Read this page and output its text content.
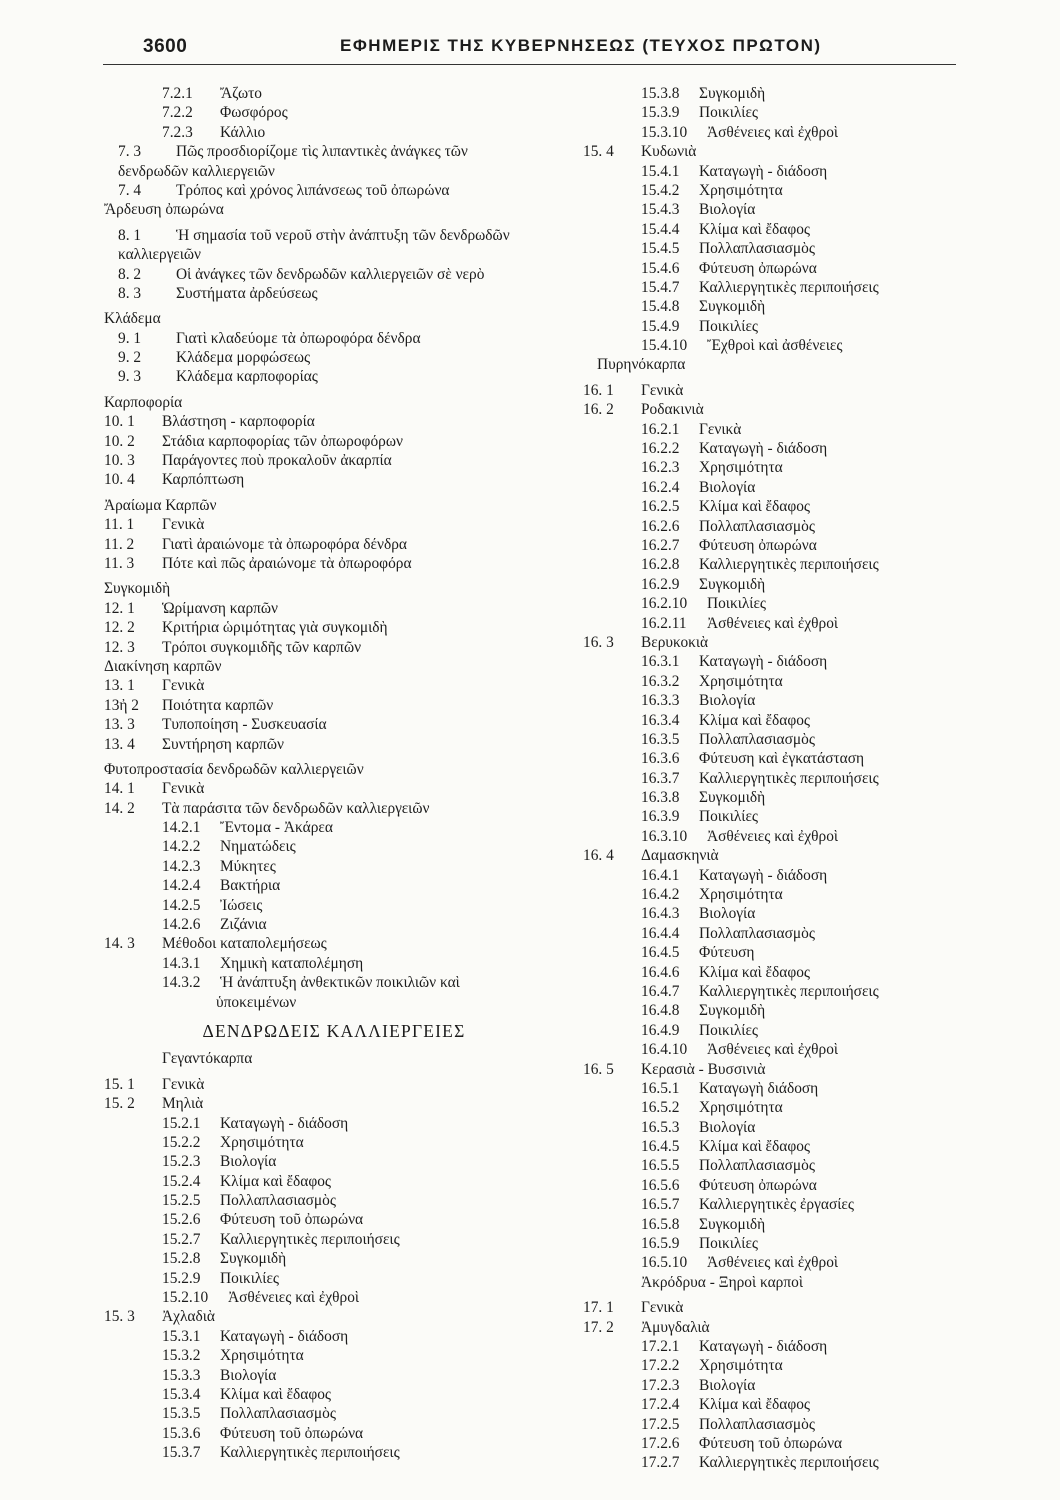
3600	ΕΦΗΜΕΡΙΣ ΤΗΣ ΚΥΒΕΡΝΗΣΕΩΣ (ΤΕΥΧΟΣ ΠΡΩΤΟΝ)
7.2.1 Ἄζωτο
7.2.2 Φωσφόρος
7.2.3 Κάλλιο
7. 3 Πῶς προσδιορίζομε τὶς λιπαντικὲς ἀνάγκες τῶν
δενδρωδῶν καλλιεργειῶν
7. 4 Τρόπος καὶ χρόνος λιπάνσεως τοῦ ὀπωρώνα
Ἄρδευση ὀπωρώνα
8. 1 Ἡ σημασία τοῦ νεροῦ στὴν ἀνάπτυξη τῶν δενδρωδῶν
καλλιεργειῶν
8. 2 Οἱ ἀνάγκες τῶν δενδρωδῶν καλλιεργειῶν σὲ νερὸ
8. 3 Συστήματα ἀρδεύσεως
Κλάδεμα
9. 1 Γιατὶ κλαδεύομε τὰ ὀπωροφόρα δένδρα
9. 2 Κλάδεμα μορφώσεως
9. 3 Κλάδεμα καρποφορίας
Καρποφορία
10. 1 Βλάστηση - καρποφορία
10. 2 Στάδια καρποφορίας τῶν ὀπωροφόρων
10. 3 Παράγοντες ποὺ προκαλοῦν ἀκαρπία
10. 4 Καρπόπτωση
Ἀραίωμα Καρπῶν
11. 1 Γενικὰ
11. 2 Γιατὶ ἀραιώνομε τὰ ὀπωροφόρα δένδρα
11. 3 Πότε καὶ πῶς ἀραιώνομε τὰ ὀπωροφόρα
Συγκομιδὴ
12. 1 Ὡρίμανση καρπῶν
12. 2 Κριτήρια ὡριμότητας γιὰ συγκομιδὴ
12. 3 Τρόποι συγκομιδῆς τῶν καρπῶν
Διακίνηση καρπῶν
13. 1 Γενικὰ
13ἠ 2 Ποιότητα καρπῶν
13. 3 Τυποποίηση - Συσκευασία
13. 4 Συντήρηση καρπῶν
Φυτοπροστασία δενδρωδῶν καλλιεργειῶν
14. 1 Γενικὰ
14. 2 Τὰ παράσιτα τῶν δενδρωδῶν καλλιεργειῶν
14.2.1 Ἔντομα - Ἀκάρεα
14.2.2 Νηματώδεις
14.2.3 Μύκητες
14.2.4 Βακτήρια
14.2.5 Ἰώσεις
14.2.6 Ζιζάνια
14. 3 Μέθοδοι καταπολεμήσεως
14.3.1 Χημικὴ καταπολέμηση
14.3.2 Ἡ ἀνάπτυξη ἀνθεκτικῶν ποικιλιῶν καὶ
ὑποκειμένων
ΔΕΝΔΡΩΔΕΙΣ ΚΑΛΛΙΕΡΓΕΙΕΣ
Γεγαντόκαρπα
15. 1 Γενικὰ
15. 2 Μηλιὰ
15.2.1 Καταγωγὴ - διάδοση
15.2.2 Χρησιμότητα
15.2.3 Βιολογία
15.2.4 Κλίμα καὶ ἔδαφος
15.2.5 Πολλαπλασιασμὸς
15.2.6 Φύτευση τοῦ ὀπωρώνα
15.2.7 Καλλιεργητικὲς περιποιήσεις
15.2.8 Συγκομιδὴ
15.2.9 Ποικιλίες
15.2.10 Ἀσθένειες καὶ ἐχθροὶ
15. 3 Ἀχλαδιὰ
15.3.1 Καταγωγὴ - διάδοση
15.3.2 Χρησιμότητα
15.3.3 Βιολογία
15.3.4 Κλίμα καὶ ἔδαφος
15.3.5 Πολλαπλασιασμὸς
15.3.6 Φύτευση τοῦ ὀπωρώνα
15.3.7 Καλλιεργητικὲς περιποιήσεις
15.3.8 Συγκομιδὴ
15.3.9 Ποικιλίες
15.3.10 Ἀσθένειες καὶ ἐχθροὶ
15. 4 Κυδωνιὰ
15.4.1 Καταγωγὴ - διάδοση
15.4.2 Χρησιμότητα
15.4.3 Βιολογία
15.4.4 Κλίμα καὶ ἔδαφος
15.4.5 Πολλαπλασιασμὸς
15.4.6 Φύτευση ὀπωρώνα
15.4.7 Καλλιεργητικὲς περιποιήσεις
15.4.8 Συγκομιδὴ
15.4.9 Ποικιλίες
15.4.10 Ἔχθροὶ καὶ ἀσθένειες
Πυρηνόκαρπα
16. 1 Γενικὰ
16. 2 Ροδακινιὰ
16.2.1 Γενικὰ
16.2.2 Καταγωγὴ - διάδοση
16.2.3 Χρησιμότητα
16.2.4 Βιολογία
16.2.5 Κλίμα καὶ ἔδαφος
16.2.6 Πολλαπλασιασμὸς
16.2.7 Φύτευση ὀπωρώνα
16.2.8 Καλλιεργητικὲς περιποιήσεις
16.2.9 Συγκομιδὴ
16.2.10 Ποικιλίες
16.2.11 Ἀσθένειες καὶ ἐχθροὶ
16. 3 Βερυκοκιὰ
16.3.1 Καταγωγὴ - διάδοση
16.3.2 Χρησιμότητα
16.3.3 Βιολογία
16.3.4 Κλίμα καὶ ἔδαφος
16.3.5 Πολλαπλασιασμὸς
16.3.6 Φύτευση καὶ ἐγκατάσταση
16.3.7 Καλλιεργητικὲς περιποιήσεις
16.3.8 Συγκομιδὴ
16.3.9 Ποικιλίες
16.3.10 Ἀσθένειες καὶ ἐχθροὶ
16. 4 Δαμασκηνιὰ
16.4.1 Καταγωγὴ - διάδοση
16.4.2 Χρησιμότητα
16.4.3 Βιολογία
16.4.4 Πολλαπλασιασμὸς
16.4.5 Φύτευση
16.4.6 Κλίμα καὶ ἔδαφος
16.4.7 Καλλιεργητικὲς περιποιήσεις
16.4.8 Συγκομιδὴ
16.4.9 Ποικιλίες
16.4.10 Ἀσθένειες καὶ ἐχθροὶ
16. 5 Κερασιὰ - Βυσσινιὰ
16.5.1 Καταγωγὴ διάδοση
16.5.2 Χρησιμότητα
16.5.3 Βιολογία
16.4.5 Κλίμα καὶ ἔδαφος
16.5.5 Πολλαπλασιασμὸς
16.5.6 Φύτευση ὀπωρώνα
16.5.7 Καλλιεργητικὲς ἐργασίες
16.5.8 Συγκομιδὴ
16.5.9 Ποικιλίες
16.5.10 Ἀσθένειες καὶ ἐχθροὶ
Ἀκρόδρυα - Ξηροὶ καρποὶ
17. 1 Γενικὰ
17. 2 Ἀμυγδαλιὰ
17.2.1 Καταγωγὴ - διάδοση
17.2.2 Χρησιμότητα
17.2.3 Βιολογία
17.2.4 Κλίμα καὶ ἔδαφος
17.2.5 Πολλαπλασιασμὸς
17.2.6 Φύτευση τοῦ ὀπωρώνα
17.2.7 Καλλιεργητικὲς περιποιήσεις
